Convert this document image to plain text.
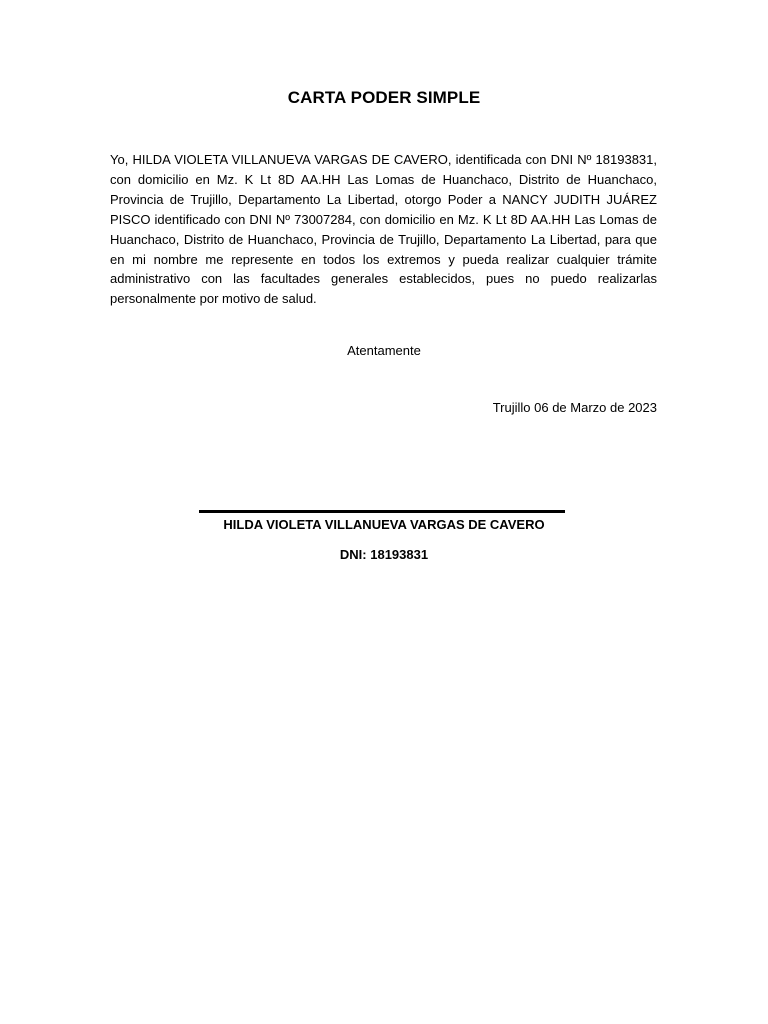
CARTA PODER SIMPLE
Yo, HILDA VIOLETA VILLANUEVA VARGAS DE CAVERO, identificada con DNI Nº 18193831, con domicilio en Mz. K Lt 8D AA.HH Las Lomas de Huanchaco, Distrito de Huanchaco, Provincia de Trujillo, Departamento La Libertad, otorgo Poder a NANCY JUDITH JUÁREZ PISCO identificado con DNI Nº 73007284, con domicilio en Mz. K Lt 8D AA.HH Las Lomas de Huanchaco, Distrito de Huanchaco, Provincia de Trujillo, Departamento La Libertad, para que en mi nombre me represente en todos los extremos y pueda realizar cualquier trámite administrativo con las facultades generales establecidos, pues no puedo realizarlas personalmente por motivo de salud.
Atentamente
Trujillo 06 de Marzo de 2023
HILDA VIOLETA VILLANUEVA VARGAS DE CAVERO
DNI: 18193831
